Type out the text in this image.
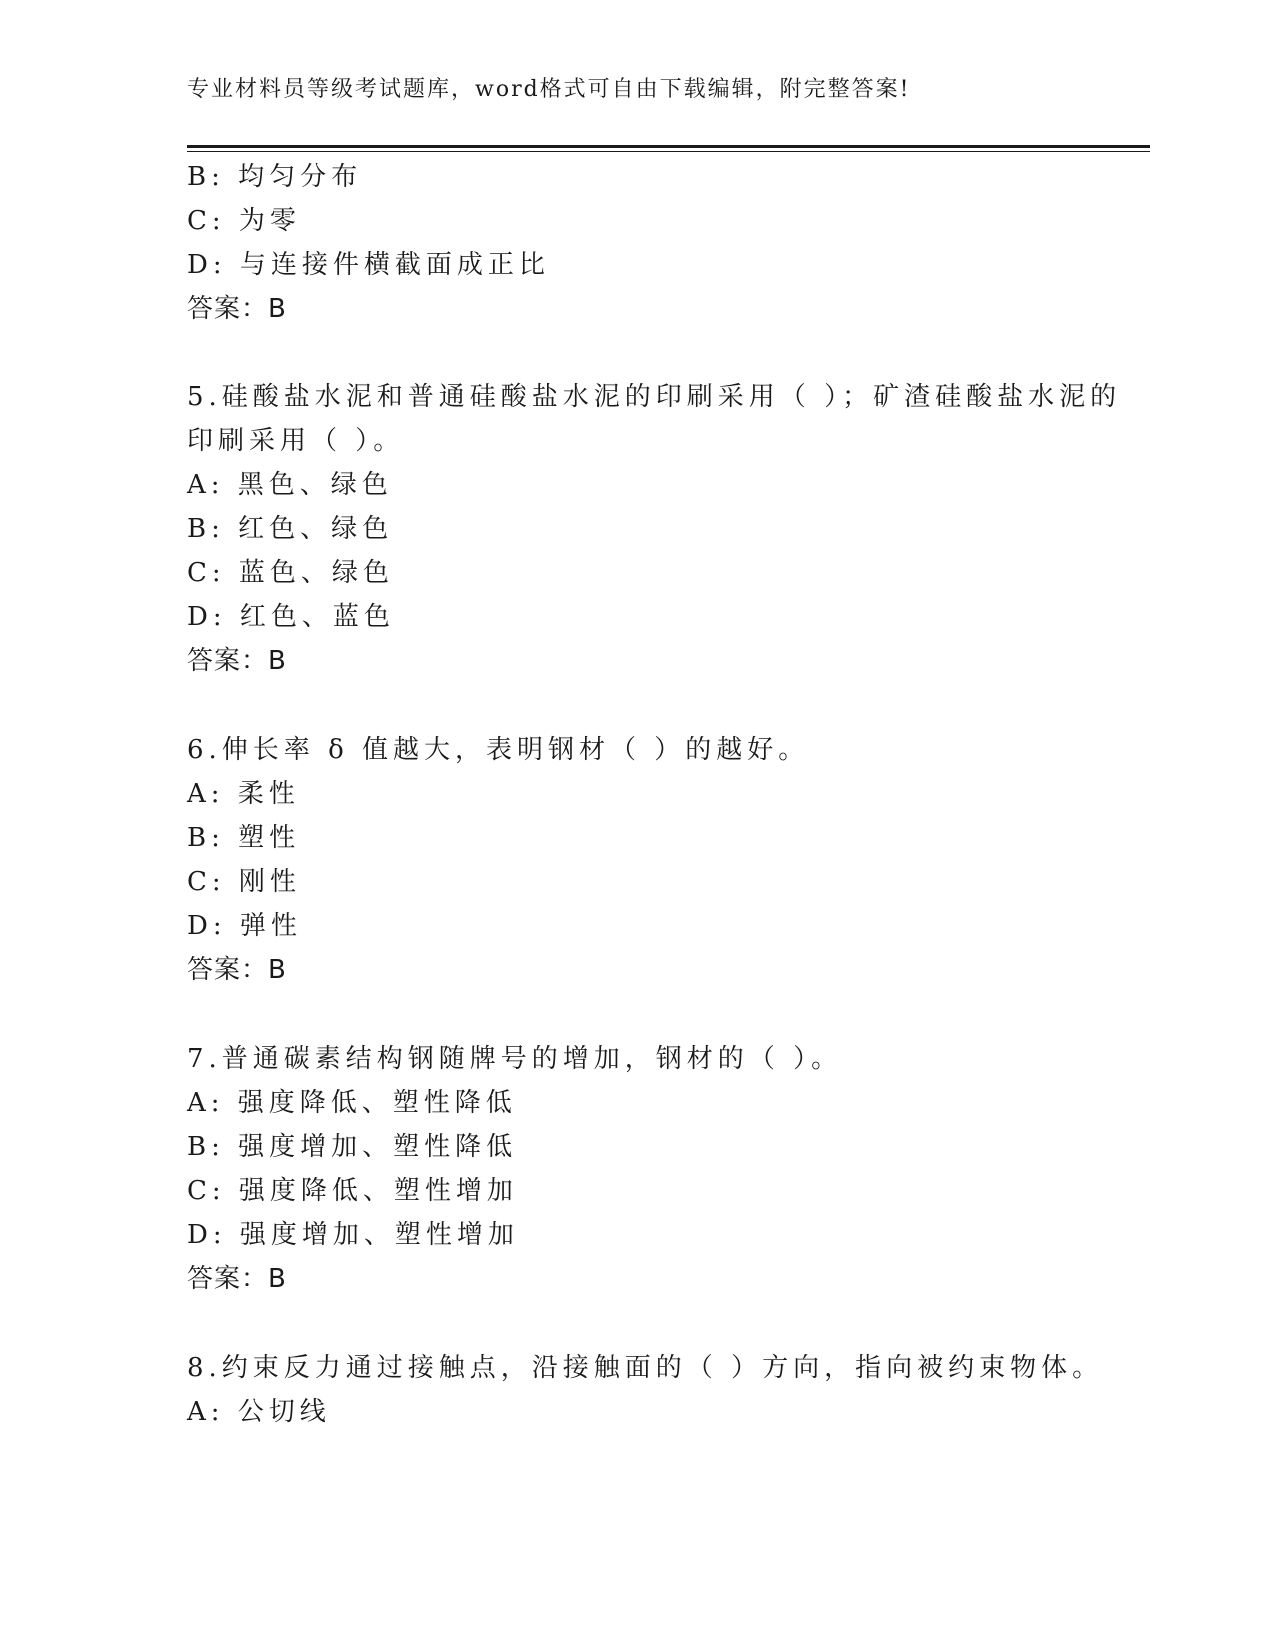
专业材料员等级考试题库，word格式可自由下载编辑，附完整答案!
B: 均匀分布
C: 为零
D: 与连接件横截面成正比
答案：B
5.硅酸盐水泥和普通硅酸盐水泥的印刷采用（ ）；矿渣硅酸盐水泥的
印刷采用（ ）。
A: 黑色、绿色
B: 红色、绿色
C: 蓝色、绿色
D: 红色、蓝色
答案：B
6.伸长率 δ 值越大，表明钢材（ ）的越好。
A: 柔性
B: 塑性
C: 刚性
D: 弹性
答案：B
7.普通碳素结构钢随牌号的增加，钢材的（ ）。
A: 强度降低、塑性降低
B: 强度增加、塑性降低
C: 强度降低、塑性增加
D: 强度增加、塑性增加
答案：B
8.约束反力通过接触点，沿接触面的（ ）方向，指向被约束物体。
A: 公切线
